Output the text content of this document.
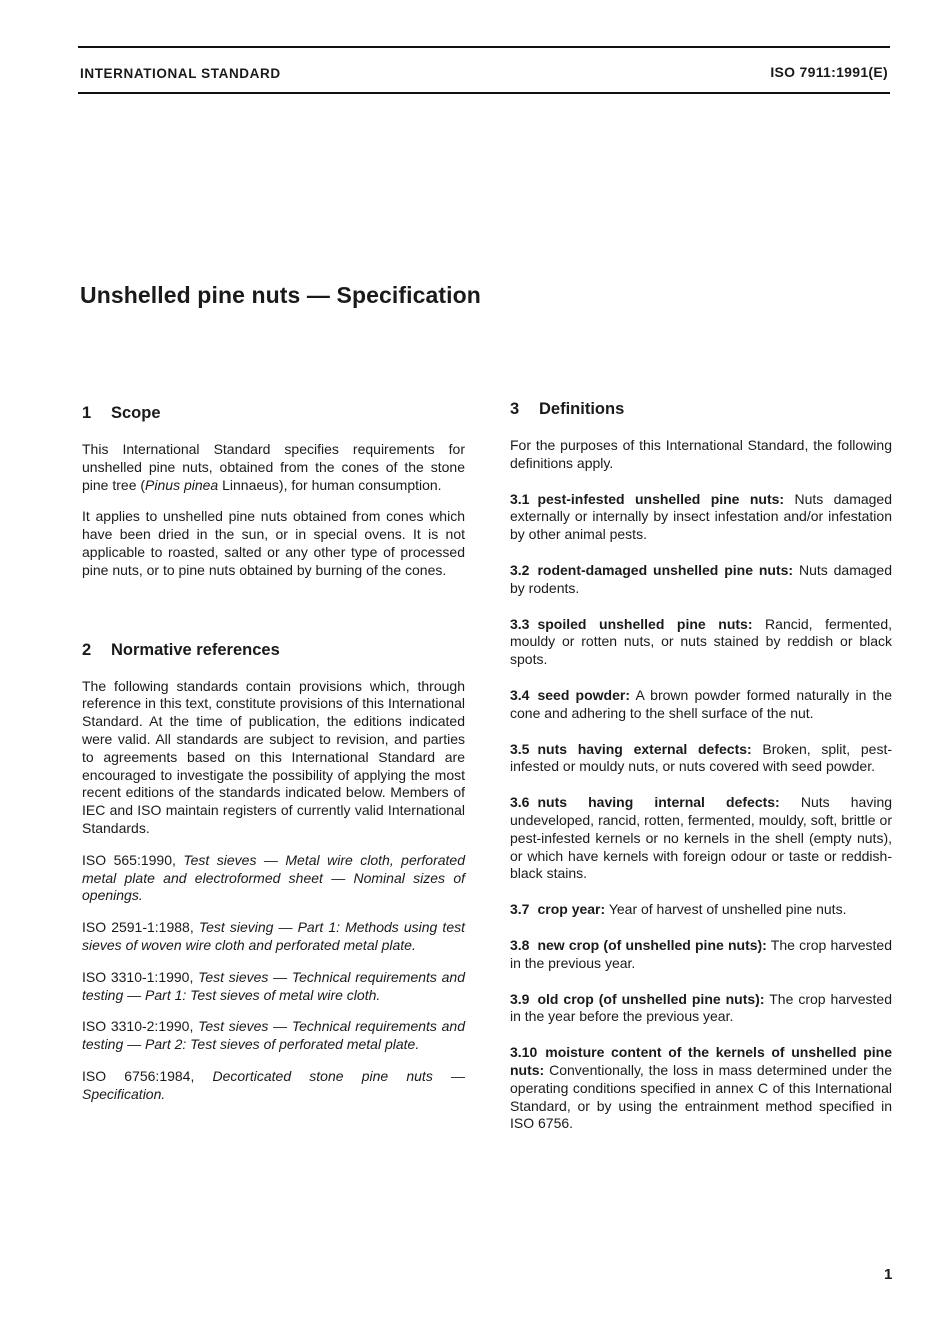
INTERNATIONAL STANDARD	ISO 7911:1991(E)
Unshelled pine nuts — Specification
1 Scope

This International Standard specifies requirements for unshelled pine nuts, obtained from the cones of the stone pine tree (Pinus pinea Linnaeus), for human consumption.

It applies to unshelled pine nuts obtained from cones which have been dried in the sun, or in special ovens. It is not applicable to roasted, salted or any other type of processed pine nuts, or to pine nuts obtained by burning of the cones.

2 Normative references

The following standards contain provisions which, through reference in this text, constitute provisions of this International Standard. At the time of publication, the editions indicated were valid. All standards are subject to revision, and parties to agreements based on this International Standard are encouraged to investigate the possibility of applying the most recent editions of the standards indicated below. Members of IEC and ISO maintain registers of currently valid International Standards.

ISO 565:1990, Test sieves — Metal wire cloth, perforated metal plate and electroformed sheet — Nominal sizes of openings.

ISO 2591-1:1988, Test sieving — Part 1: Methods using test sieves of woven wire cloth and perforated metal plate.

ISO 3310-1:1990, Test sieves — Technical requirements and testing — Part 1: Test sieves of metal wire cloth.

ISO 3310-2:1990, Test sieves — Technical requirements and testing — Part 2: Test sieves of perforated metal plate.

ISO 6756:1984, Decorticated stone pine nuts — Specification.

3 Definitions

For the purposes of this International Standard, the following definitions apply.

3.1 pest-infested unshelled pine nuts: Nuts damaged externally or internally by insect infestation and/or infestation by other animal pests.

3.2 rodent-damaged unshelled pine nuts: Nuts damaged by rodents.

3.3 spoiled unshelled pine nuts: Rancid, fermented, mouldy or rotten nuts, or nuts stained by reddish or black spots.

3.4 seed powder: A brown powder formed naturally in the cone and adhering to the shell surface of the nut.

3.5 nuts having external defects: Broken, split, pest-infested or mouldy nuts, or nuts covered with seed powder.

3.6 nuts having internal defects: Nuts having undeveloped, rancid, rotten, fermented, mouldy, soft, brittle or pest-infested kernels or no kernels in the shell (empty nuts), or which have kernels with foreign odour or taste or reddish-black stains.

3.7 crop year: Year of harvest of unshelled pine nuts.

3.8 new crop (of unshelled pine nuts): The crop harvested in the previous year.

3.9 old crop (of unshelled pine nuts): The crop harvested in the year before the previous year.

3.10 moisture content of the kernels of unshelled pine nuts: Conventionally, the loss in mass determined under the operating conditions specified in annex C of this International Standard, or by using the entrainment method specified in ISO 6756.

1
